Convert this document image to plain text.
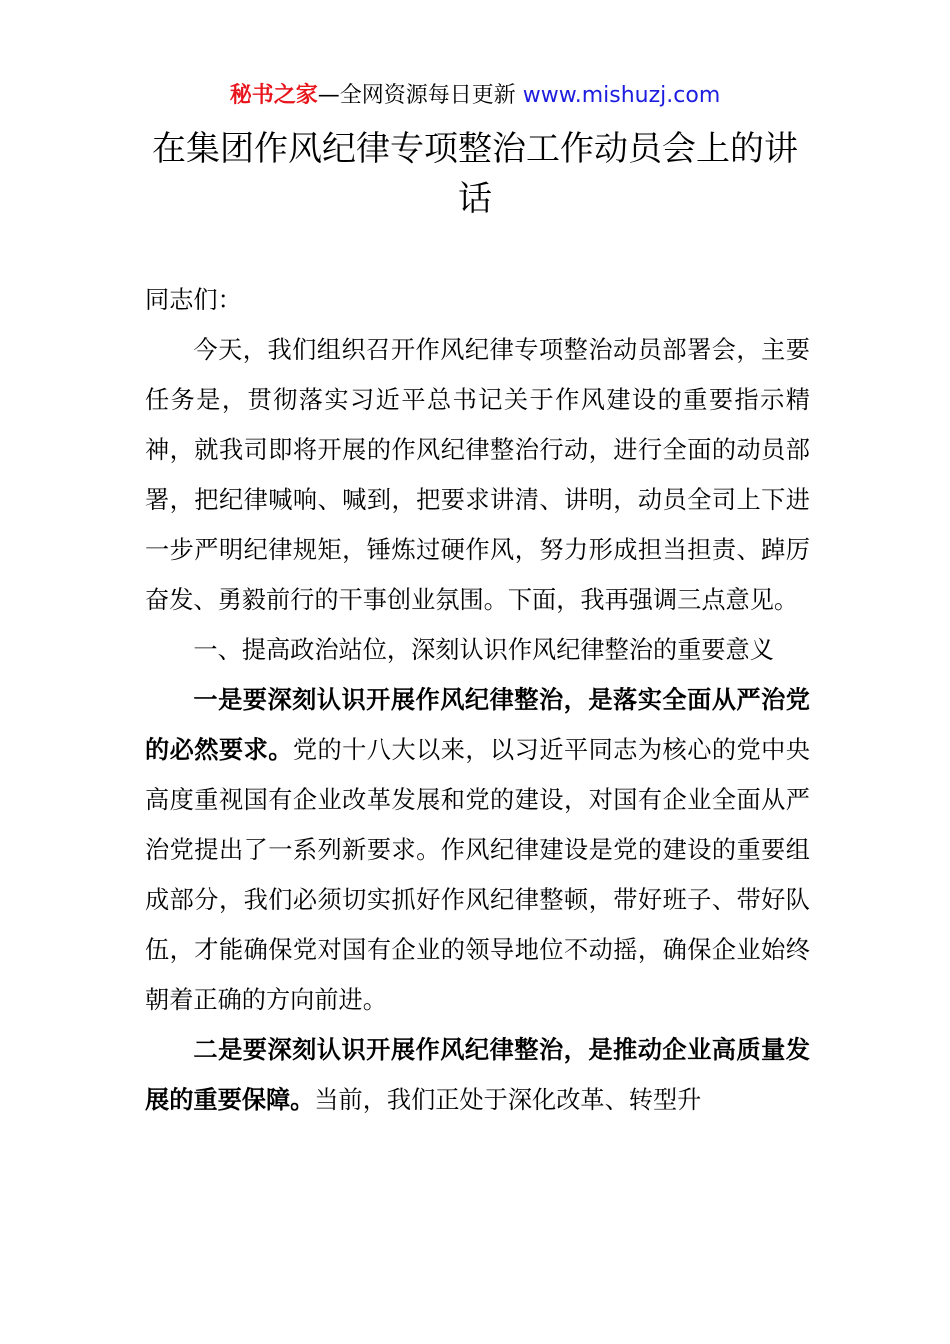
秘书之家—全网资源每日更新 www.mishuzj.com
在集团作风纪律专项整治工作动员会上的讲话

同志们：

今天，我们组织召开作风纪律专项整治动员部署会，主要任务是，贯彻落实习近平总书记关于作风建设的重要指示精神，就我司即将开展的作风纪律整治行动，进行全面的动员部署，把纪律喊响、喊到，把要求讲清、讲明，动员全司上下进一步严明纪律规矩，锤炼过硬作风，努力形成担当担责、踔厉奋发、勇毅前行的干事创业氛围。下面，我再强调三点意见。

一、提高政治站位，深刻认识作风纪律整治的重要意义

一是要深刻认识开展作风纪律整治，是落实全面从严治党的必然要求。党的十八大以来，以习近平同志为核心的党中央高度重视国有企业改革发展和党的建设，对国有企业全面从严治党提出了一系列新要求。作风纪律建设是党的建设的重要组成部分，我们必须切实抓好作风纪律整顿，带好班子、带好队伍，才能确保党对国有企业的领导地位不动摇，确保企业始终朝着正确的方向前进。

二是要深刻认识开展作风纪律整治，是推动企业高质量发展的重要保障。当前，我们正处于深化改革、转型升
